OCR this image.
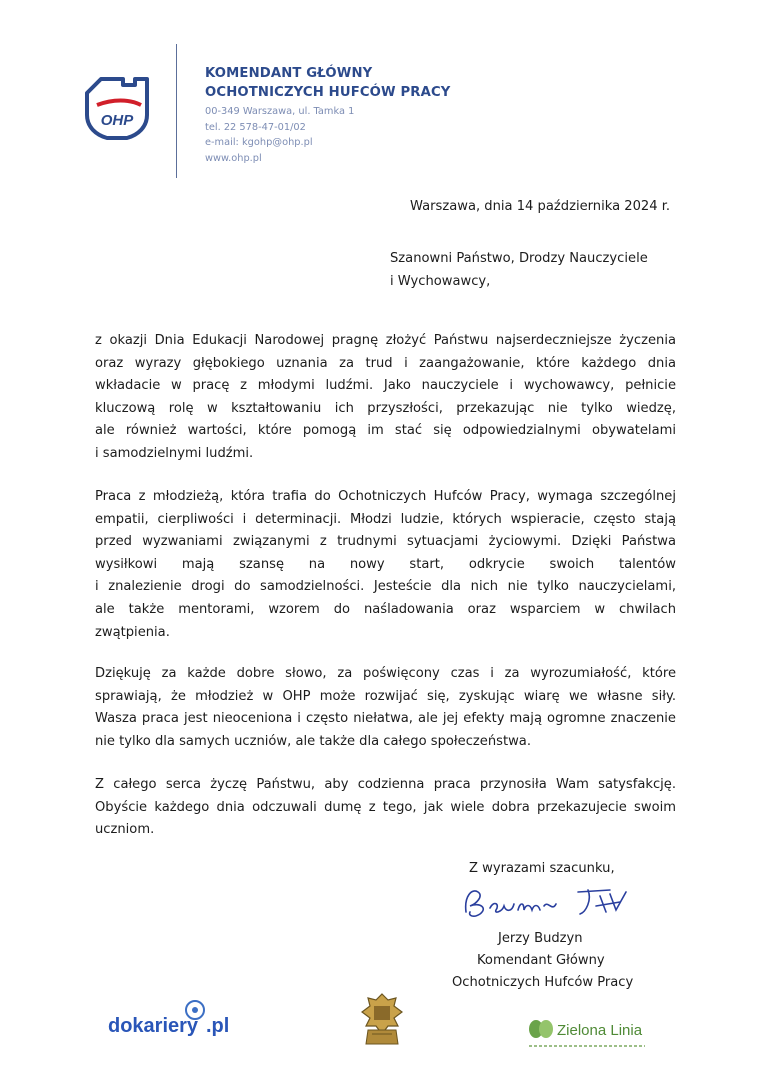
OHP
KOMENDANT GŁÓWNY
OCHOTNICZYCH HUFCÓW PRACY
00-349 Warszawa, ul. Tamka 1
tel. 22 578-47-01/02
e-mail: kgohp@ohp.pl
www.ohp.pl
Warszawa, dnia 14 października 2024 r.
Szanowni Państwo, Drodzy Nauczyciele
i Wychowawcy,
z okazji Dnia Edukacji Narodowej pragnę złożyć Państwu najserdeczniejsze życzenia
oraz wyrazy głębokiego uznania za trud i zaangażowanie, które każdego dnia
wkładacie w pracę z młodymi ludźmi. Jako nauczyciele i wychowawcy, pełnicie
kluczową rolę w kształtowaniu ich przyszłości, przekazując nie tylko wiedzę,
ale również wartości, które pomogą im stać się odpowiedzialnymi obywatelami
i samodzielnymi ludźmi.
Praca z młodzieżą, która trafia do Ochotniczych Hufców Pracy, wymaga szczególnej
empatii, cierpliwości i determinacji. Młodzi ludzie, których wspieracie, często stają
przed wyzwaniami związanymi z trudnymi sytuacjami życiowymi. Dzięki Państwa
wysiłkowi mają szansę na nowy start, odkrycie swoich talentów
i znalezienie drogi do samodzielności. Jesteście dla nich nie tylko nauczycielami,
ale także mentorami, wzorem do naśladowania oraz wsparciem w chwilach
zwątpienia.
Dziękuję za każde dobre słowo, za poświęcony czas i za wyrozumiałość, które
sprawiają, że młodzież w OHP może rozwijać się, zyskując wiarę we własne siły.
Wasza praca jest nieoceniona i często niełatwa, ale jej efekty mają ogromne znaczenie
nie tylko dla samych uczniów, ale także dla całego społeczeństwa.
Z całego serca życzę Państwu, aby codzienna praca przynosiła Wam satysfakcję.
Obyście każdego dnia odczuwali dumę z tego, jak wiele dobra przekazujecie swoim
uczniom.
Z wyrazami szacunku,
Jerzy Budzyn
Komendant Główny
Ochotniczych Hufców Pracy
dokariery .pl	Zielona Linia
